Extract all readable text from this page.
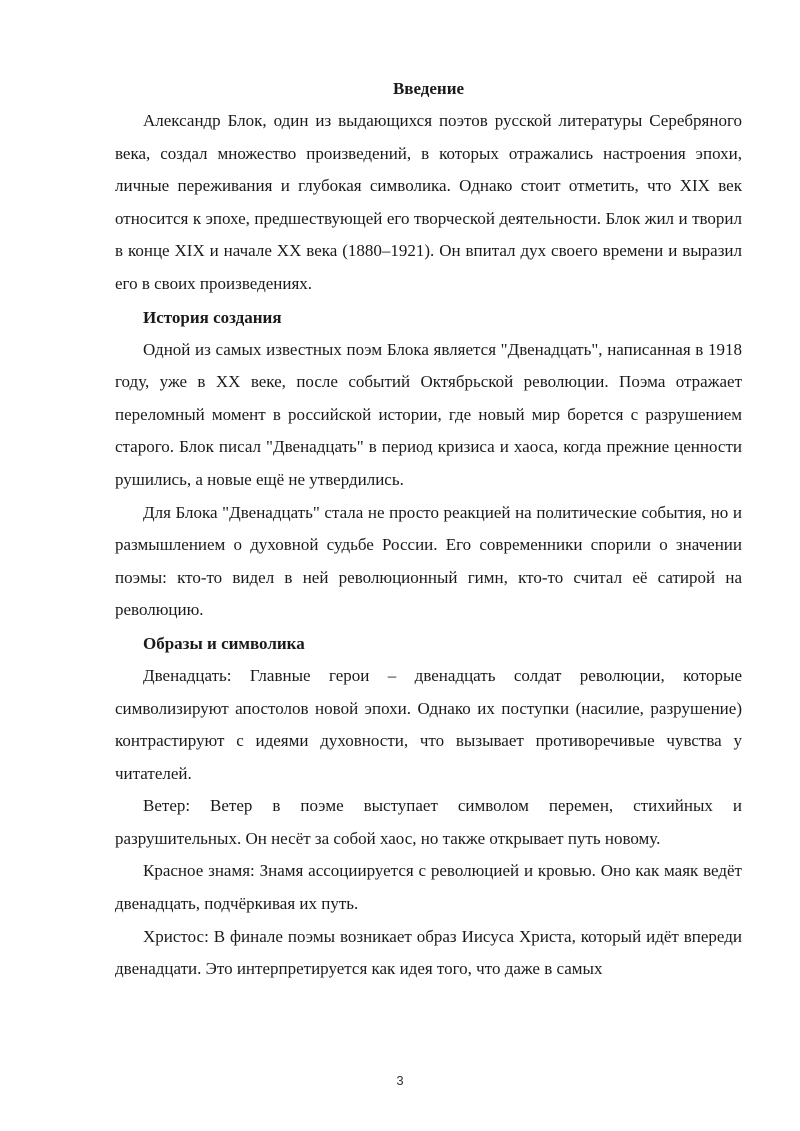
Введение

Александр Блок, один из выдающихся поэтов русской литературы Серебряного века, создал множество произведений, в которых отражались настроения эпохи, личные переживания и глубокая символика. Однако стоит отметить, что XIX век относится к эпохе, предшествующей его творческой деятельности. Блок жил и творил в конце XIX и начале XX века (1880–1921). Он впитал дух своего времени и выразил его в своих произведениях.

История создания

Одной из самых известных поэм Блока является "Двенадцать", написанная в 1918 году, уже в XX веке, после событий Октябрьской революции. Поэма отражает переломный момент в российской истории, где новый мир борется с разрушением старого. Блок писал "Двенадцать" в период кризиса и хаоса, когда прежние ценности рушились, а новые ещё не утвердились.

Для Блока "Двенадцать" стала не просто реакцией на политические события, но и размышлением о духовной судьбе России. Его современники спорили о значении поэмы: кто-то видел в ней революционный гимн, кто-то считал её сатирой на революцию.

Образы и символика

Двенадцать: Главные герои – двенадцать солдат революции, которые символизируют апостолов новой эпохи. Однако их поступки (насилие, разрушение) контрастируют с идеями духовности, что вызывает противоречивые чувства у читателей.

Ветер: Ветер в поэме выступает символом перемен, стихийных и разрушительных. Он несёт за собой хаос, но также открывает путь новому.

Красное знамя: Знамя ассоциируется с революцией и кровью. Оно как маяк ведёт двенадцать, подчёркивая их путь.

Христос: В финале поэмы возникает образ Иисуса Христа, который идёт впереди двенадцати. Это интерпретируется как идея того, что даже в самых

3
